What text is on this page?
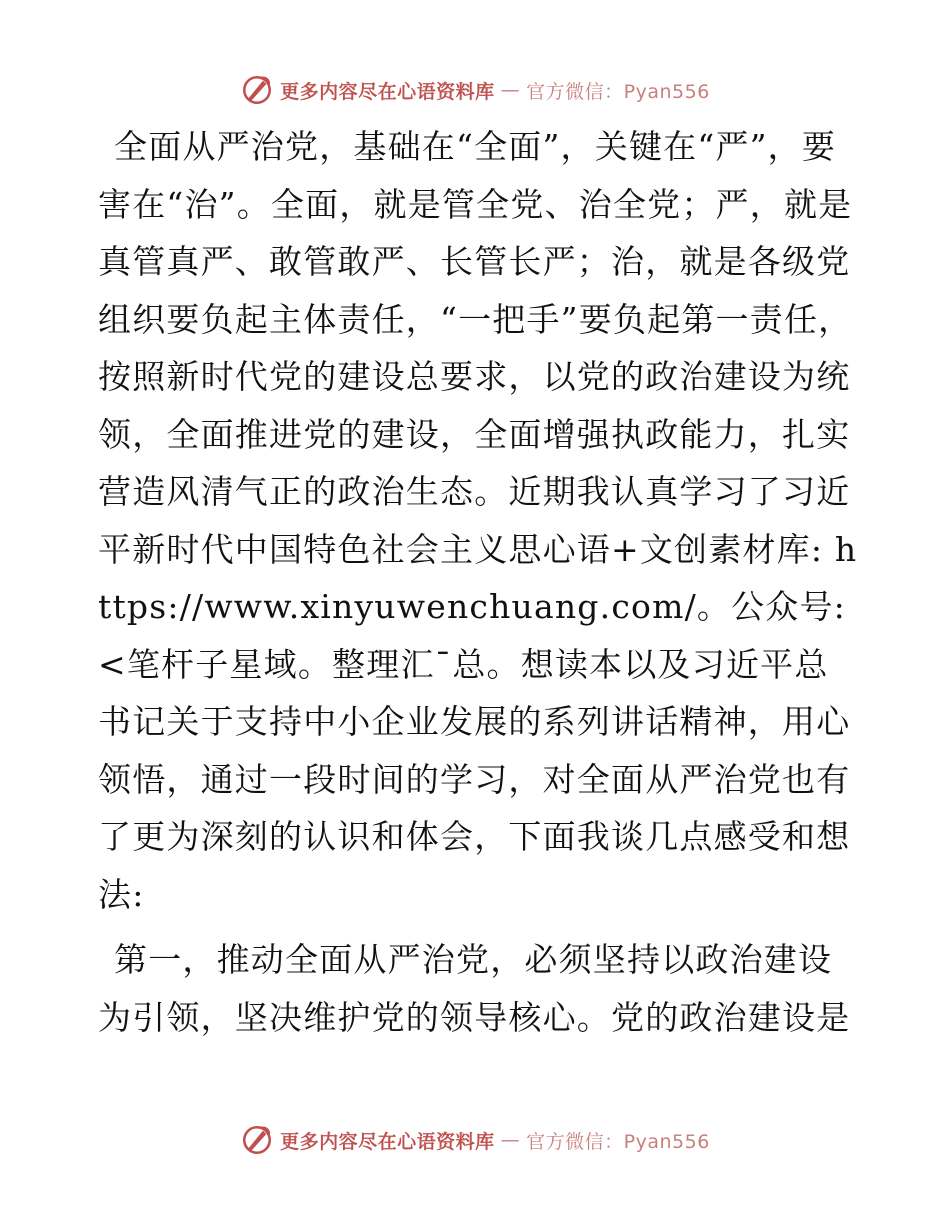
更多内容尽在心语资料库 — 官方微信：Pyan556

全面从严治党，基础在“全面”，关键在“严”，要害在“治”。全面，就是管全党、治全党；严，就是真管真严、敢管敢严、长管长严；治，就是各级党组织要负起主体责任，“一把手”要负起第一责任，按照新时代党的建设总要求，以党的政治建设为统领，全面推进党的建设，全面增强执政能力，扎实营造风清气正的政治生态。近期我认真学习了习近平新时代中国特色社会主义思心语+文创素材库: https://www.xinyuwenchuang.com/。公众号: <笔杆子星域。整理汇¯总。想读本以及习近平总书记关于支持中小企业发展的系列讲话精神，用心领悟，通过一段时间的学习，对全面从严治党也有了更为深刻的认识和体会，下面我谈几点感受和想法:

第一，推动全面从严治党，必须坚持以政治建设为引领，坚决维护党的领导核心。党的政治建设是

更多内容尽在心语资料库 — 官方微信：Pyan556
